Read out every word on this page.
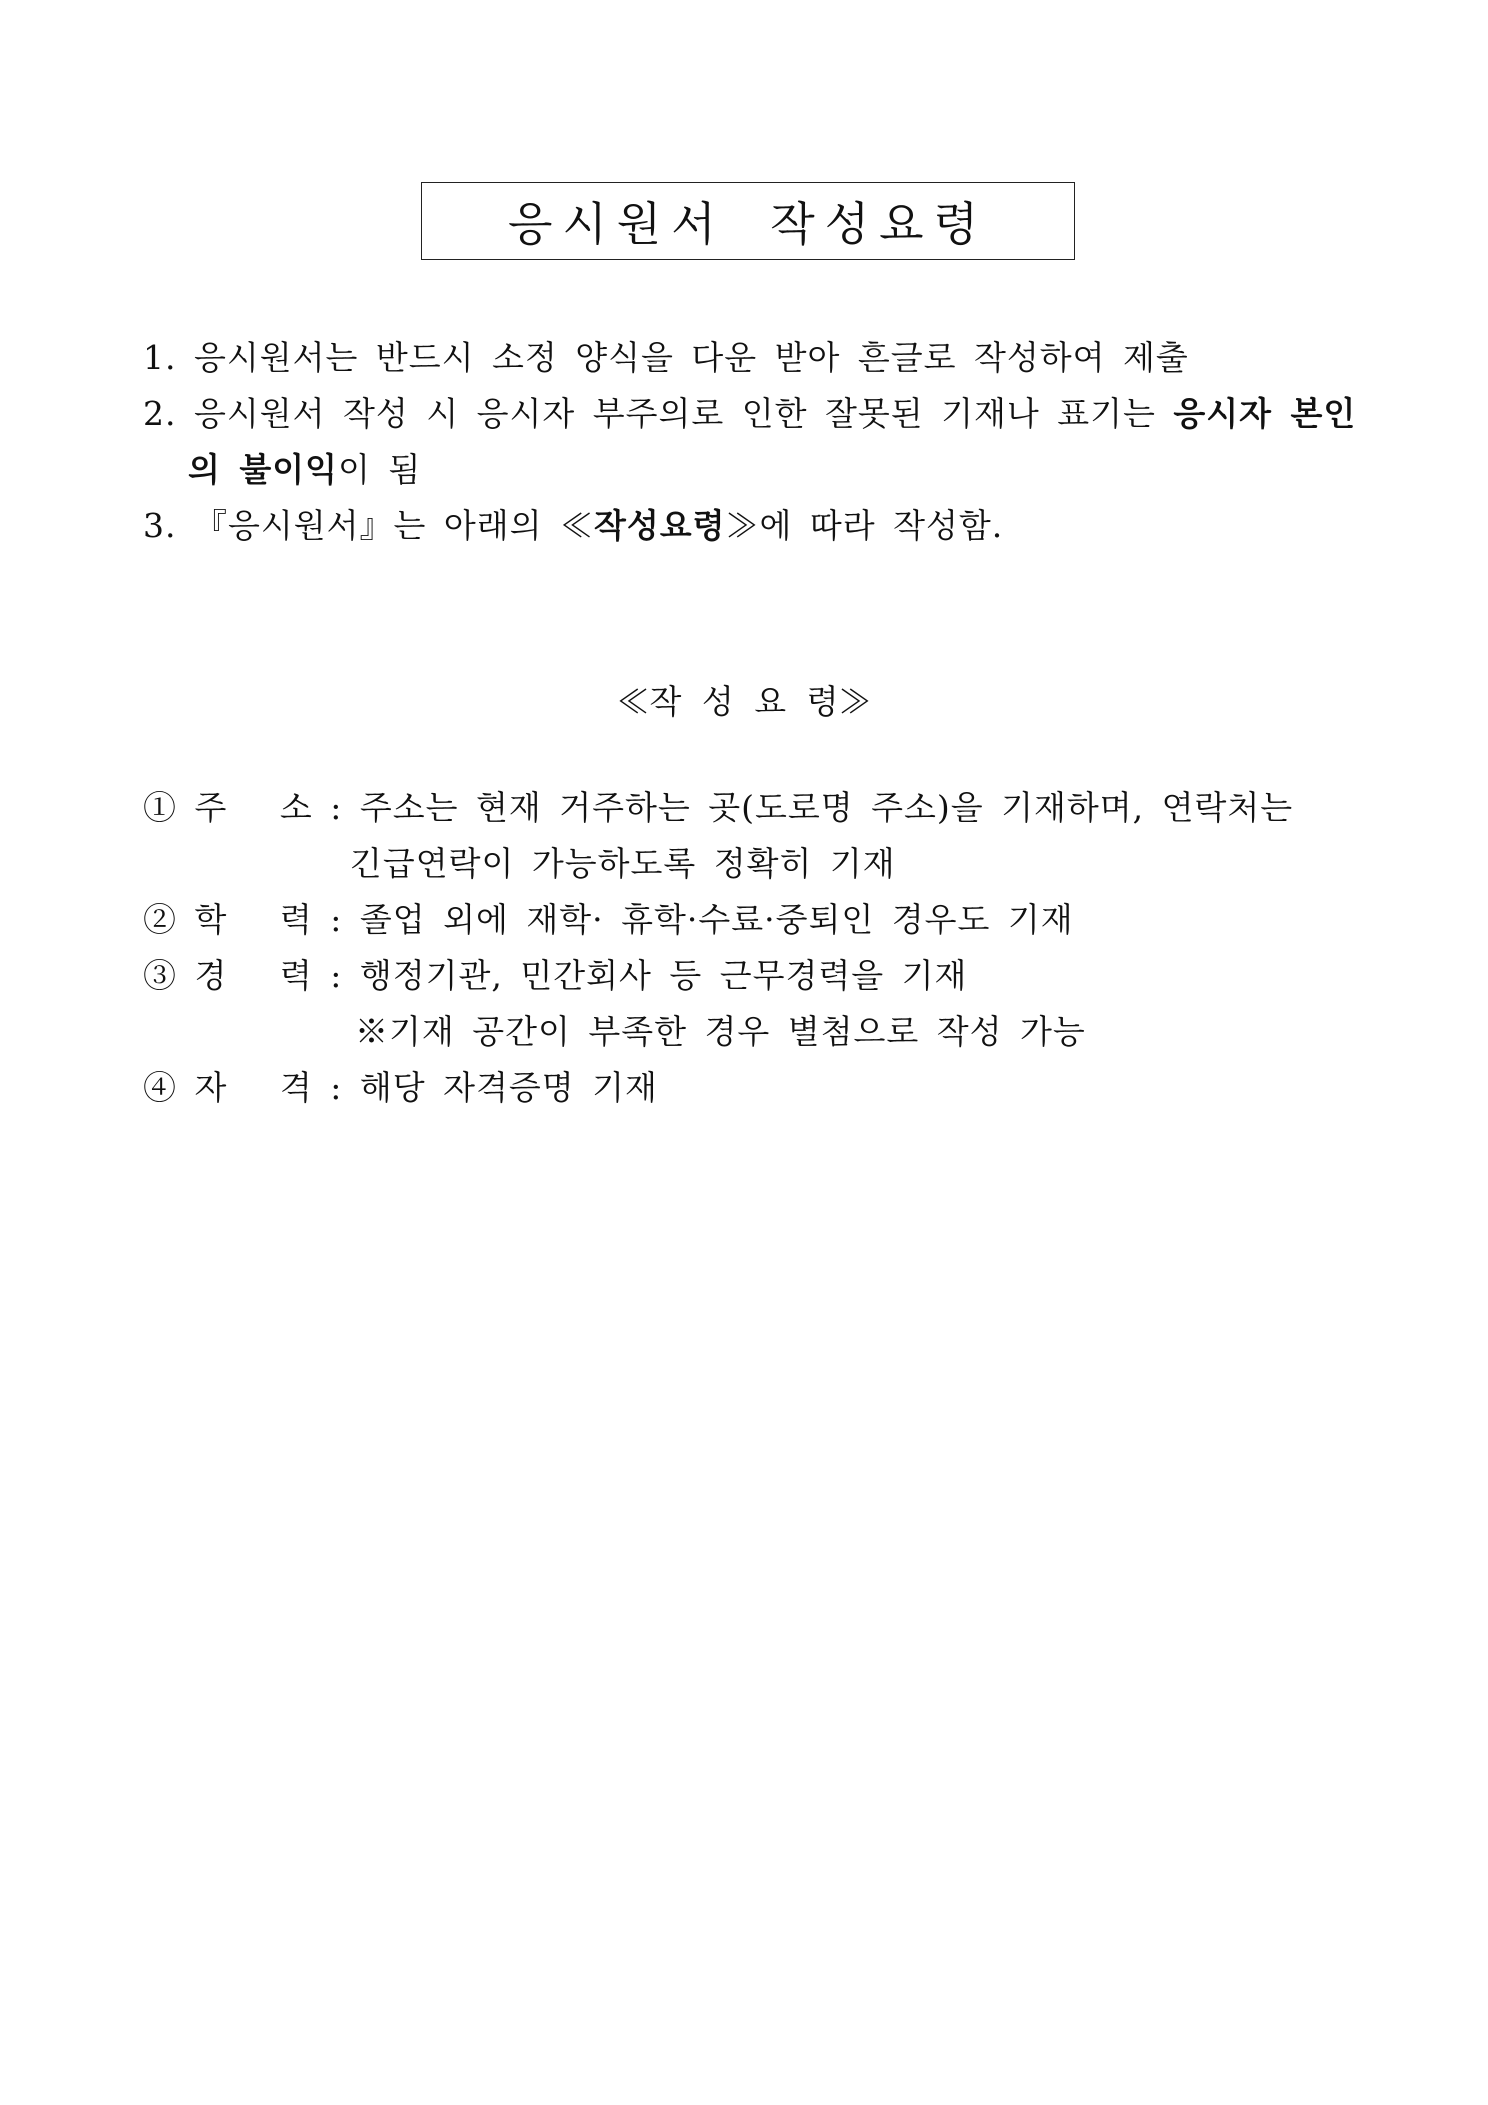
응시원서 작성요령
1. 응시원서는 반드시 소정 양식을 다운 받아 흔글로 작성하여 제출
2. 응시원서 작성 시 응시자 부주의로 인한 잘못된 기재나 표기는 응시자 본인
의 불이익이 됨
3. 『응시원서』는 아래의 ≪작성요령≫에 따라 작성함.
≪작 성 요 령≫
① 주   소 : 주소는 현재 거주하는 곳(도로명 주소)을 기재하며, 연락처는
긴급연락이 가능하도록 정확히 기재
② 학   력 : 졸업 외에 재학· 휴학·수료·중퇴인 경우도 기재
③ 경   력 : 행정기관, 민간회사 등 근무경력을 기재
※기재 공간이 부족한 경우 별첨으로 작성 가능
④ 자   격 : 해당 자격증명 기재
